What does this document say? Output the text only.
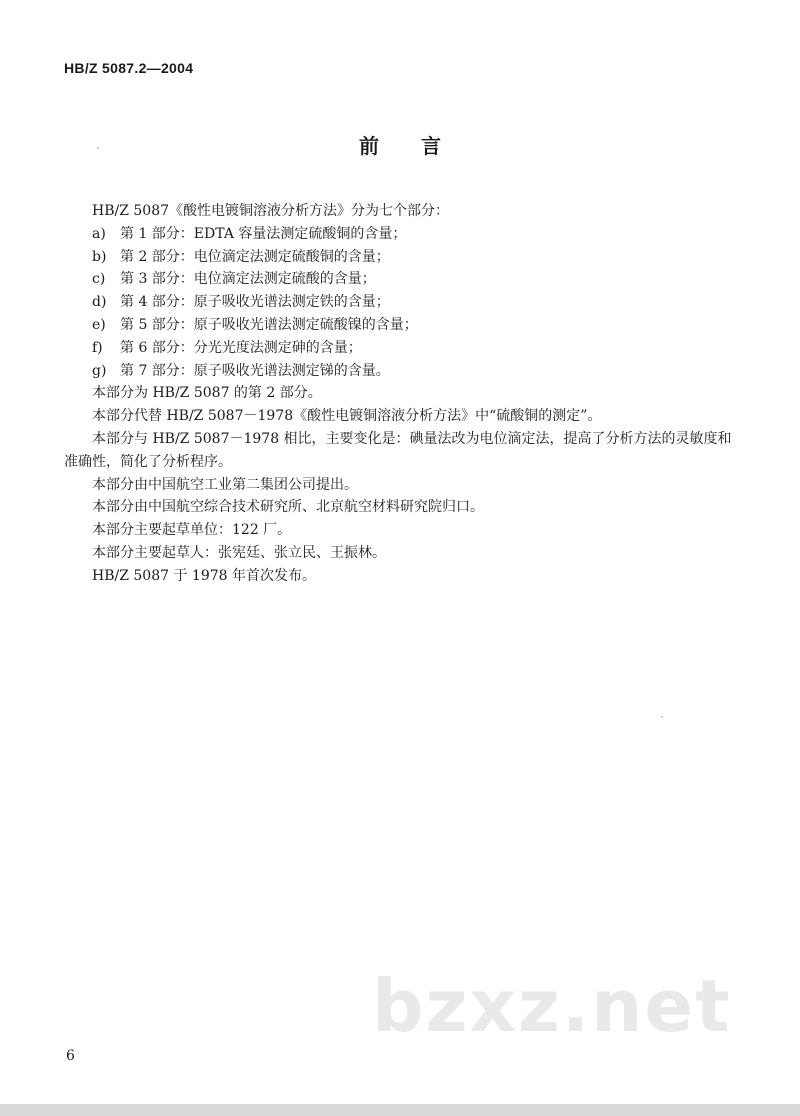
HB/Z 5087.2—2004
前 言

HB/Z 5087《酸性电镀铜溶液分析方法》分为七个部分：

a) 第 1 部分：EDTA 容量法测定硫酸铜的含量；
b) 第 2 部分：电位滴定法测定硫酸铜的含量；
c) 第 3 部分：电位滴定法测定硫酸的含量；
d) 第 4 部分：原子吸收光谱法测定铁的含量；
e) 第 5 部分：原子吸收光谱法测定硫酸镍的含量；
f) 第 6 部分：分光光度法测定砷的含量；
g) 第 7 部分：原子吸收光谱法测定锑的含量。

本部分为 HB/Z 5087 的第 2 部分。

本部分代替 HB/Z 5087－1978《酸性电镀铜溶液分析方法》中“硫酸铜的测定”。

本部分与 HB/Z 5087－1978 相比，主要变化是：碘量法改为电位滴定法，提高了分析方法的灵敏度和准确性，简化了分析程序。

本部分由中国航空工业第二集团公司提出。

本部分由中国航空综合技术研究所、北京航空材料研究院归口。

本部分主要起草单位：122 厂。

本部分主要起草人：张宪廷、张立民、王振林。

HB/Z 5087 于 1978 年首次发布。

bzxz.net
6
